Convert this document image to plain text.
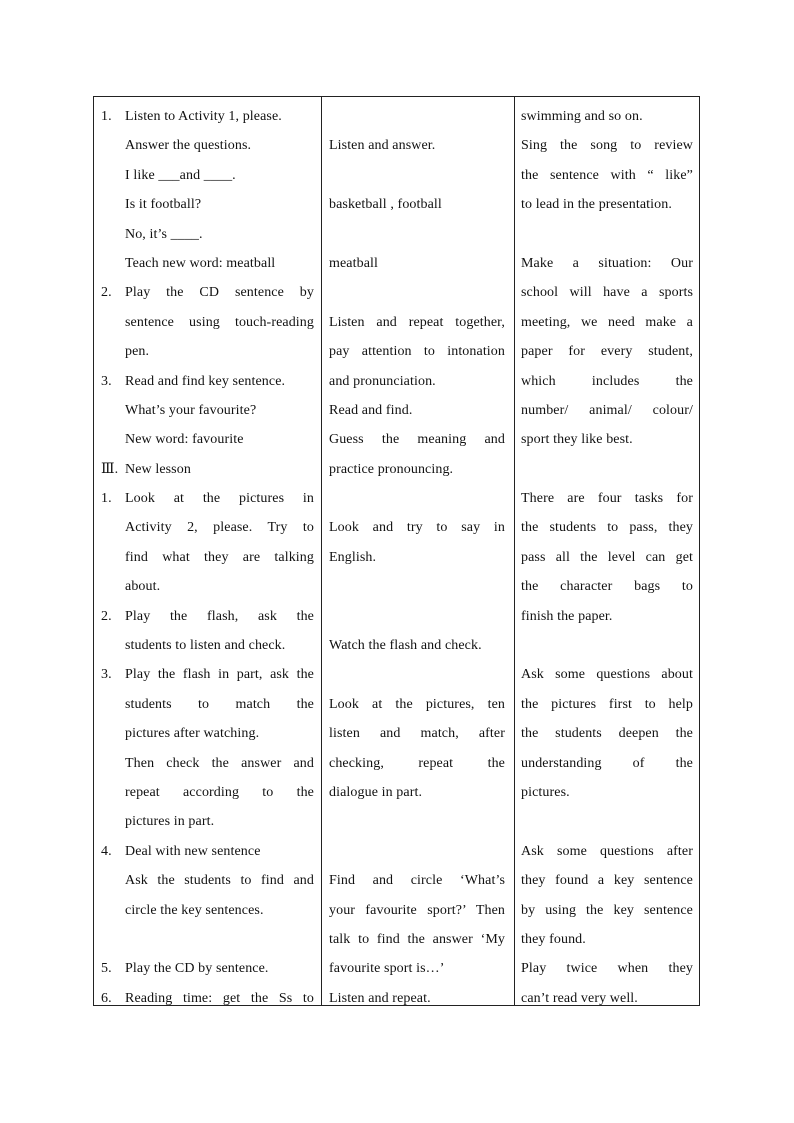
1. Listen to Activity 1, please.
Answer the questions.
I like ___and ____.
Is it football?
No, it’s ____.
Teach new word: meatball
2. Play the CD sentence by
sentence using touch-reading
pen.
3. Read and find key sentence.
What’s your favourite?
New word: favourite
Ⅲ. New lesson
1. Look at the pictures in
Activity 2, please. Try to
find what they are talking
about.
2. Play the flash, ask the
students to listen and check.
3. Play the flash in part, ask the
students to match the
pictures after watching.
Then check the answer and
repeat according to the
pictures in part.
4. Deal with new sentence
Ask the students to find and
circle the key sentences.

5. Play the CD by sentence.
6. Reading time: get the Ss to

Listen and answer.

basketball , football

meatball

Listen and repeat together,
pay attention to intonation
and pronunciation.
Read and find.
Guess the meaning and
practice pronouncing.

Look and try to say in
English.

Watch the flash and check.

Look at the pictures, ten
listen and match, after
checking, repeat the
dialogue in part.

Find and circle ‘What’s
your favourite sport?’ Then
talk to find the answer ‘My
favourite sport is…’
Listen and repeat.
swimming and so on.
Sing the song to review
the sentence with “ like”
to lead in the presentation.

Make a situation: Our
school will have a sports
meeting, we need make a
paper for every student,
which includes the
number/ animal/ colour/
sport they like best.

There are four tasks for
the students to pass, they
pass all the level can get
the character bags to
finish the paper.

Ask some questions about
the pictures first to help
the students deepen the
understanding of the
pictures.

Ask some questions after
they found a key sentence
by using the key sentence
they found.
Play twice when they
can’t read very well.
